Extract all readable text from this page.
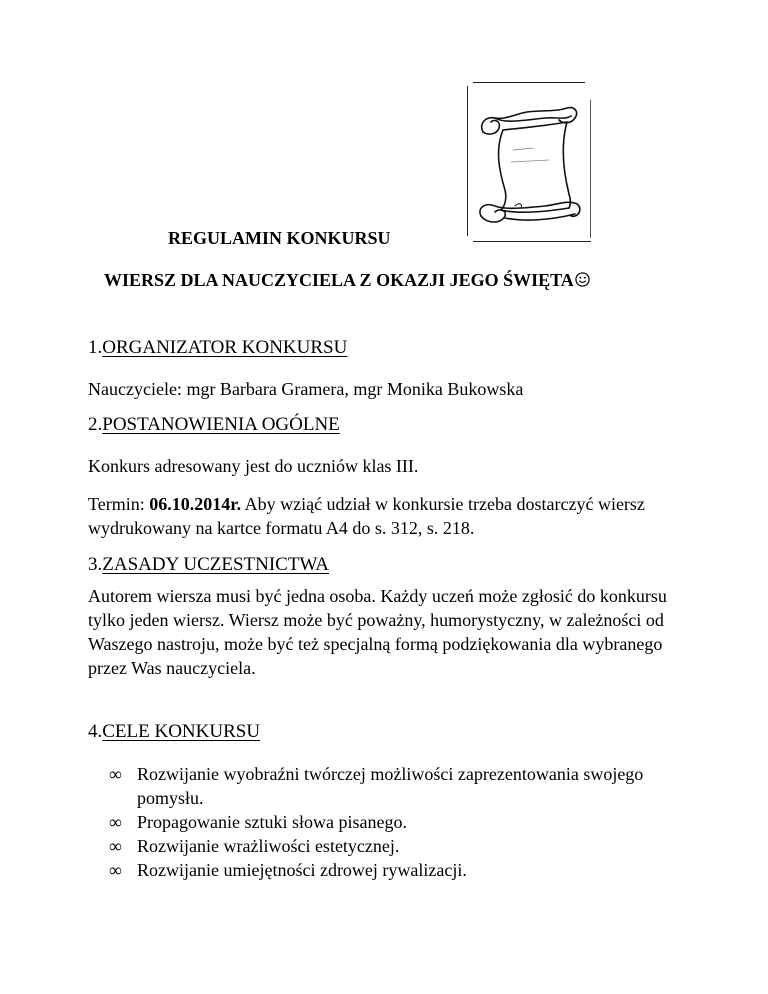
REGULAMIN KONKURSU
WIERSZ DLA NAUCZYCIELA Z OKAZJI JEGO ŚWIĘTA
1.ORGANIZATOR KONKURSU
Nauczyciele: mgr Barbara Gramera, mgr Monika Bukowska
2.POSTANOWIENIA OGÓLNE
Konkurs adresowany jest do uczniów klas III.
Termin: 06.10.2014r. Aby wziąć udział w konkursie trzeba dostarczyć wiersz wydrukowany na kartce formatu A4 do s. 312, s. 218.
3.ZASADY UCZESTNICTWA
Autorem wiersza musi być jedna osoba. Każdy uczeń może zgłosić do konkursu tylko jeden wiersz. Wiersz może być poważny, humorystyczny, w zależności od Waszego nastroju, może być też specjalną formą podziękowania dla wybranego przez Was nauczyciela.
4.CELE KONKURSU
∞ Rozwijanie wyobraźni twórczej możliwości zaprezentowania swojego pomysłu.
∞ Propagowanie sztuki słowa pisanego.
∞ Rozwijanie wrażliwości estetycznej.
∞ Rozwijanie umiejętności zdrowej rywalizacji.
